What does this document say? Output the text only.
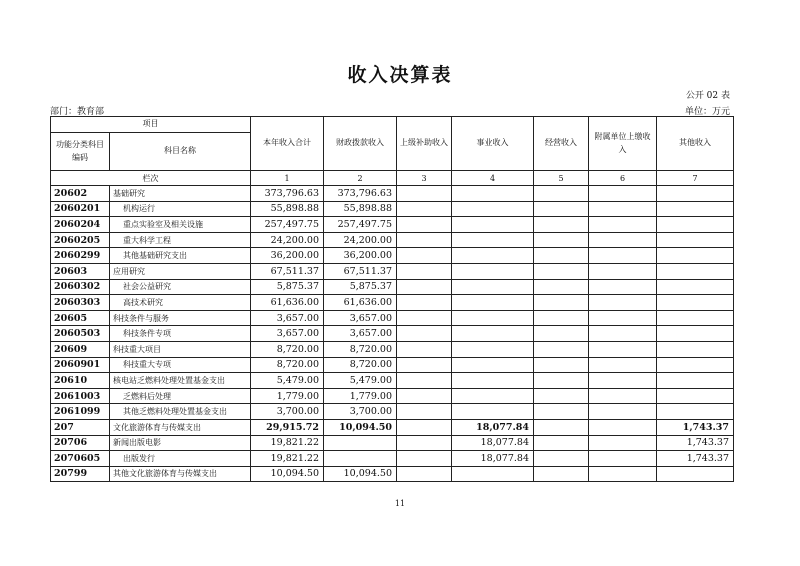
收入决算表
公开 02 表
部门：教育部	单位：万元
项目		本年收入合计	财政拨款收入	上级补助收入	事业收入	经营收入	附属单位上缴收入	其他收入
功能分类科目编码	科目名称							
栏次		1	2	3	4	5	6	7
20602	基础研究	373,796.63	373,796.63					
2060201	机构运行	55,898.88	55,898.88					
2060204	重点实验室及相关设施	257,497.75	257,497.75					
2060205	重大科学工程	24,200.00	24,200.00					
2060299	其他基础研究支出	36,200.00	36,200.00					
20603	应用研究	67,511.37	67,511.37					
2060302	社会公益研究	5,875.37	5,875.37					
2060303	高技术研究	61,636.00	61,636.00					
20605	科技条件与服务	3,657.00	3,657.00					
2060503	科技条件专项	3,657.00	3,657.00					
20609	科技重大项目	8,720.00	8,720.00					
2060901	科技重大专项	8,720.00	8,720.00					
20610	核电站乏燃料处理处置基金支出	5,479.00	5,479.00					
2061003	乏燃料后处理	1,779.00	1,779.00					
2061099	其他乏燃料处理处置基金支出	3,700.00	3,700.00					
207	文化旅游体育与传媒支出	29,915.72	10,094.50		18,077.84			1,743.37
20706	新闻出版电影	19,821.22			18,077.84			1,743.37
2070605	出版发行	19,821.22			18,077.84			1,743.37
20799	其他文化旅游体育与传媒支出	10,094.50	10,094.50					
11
